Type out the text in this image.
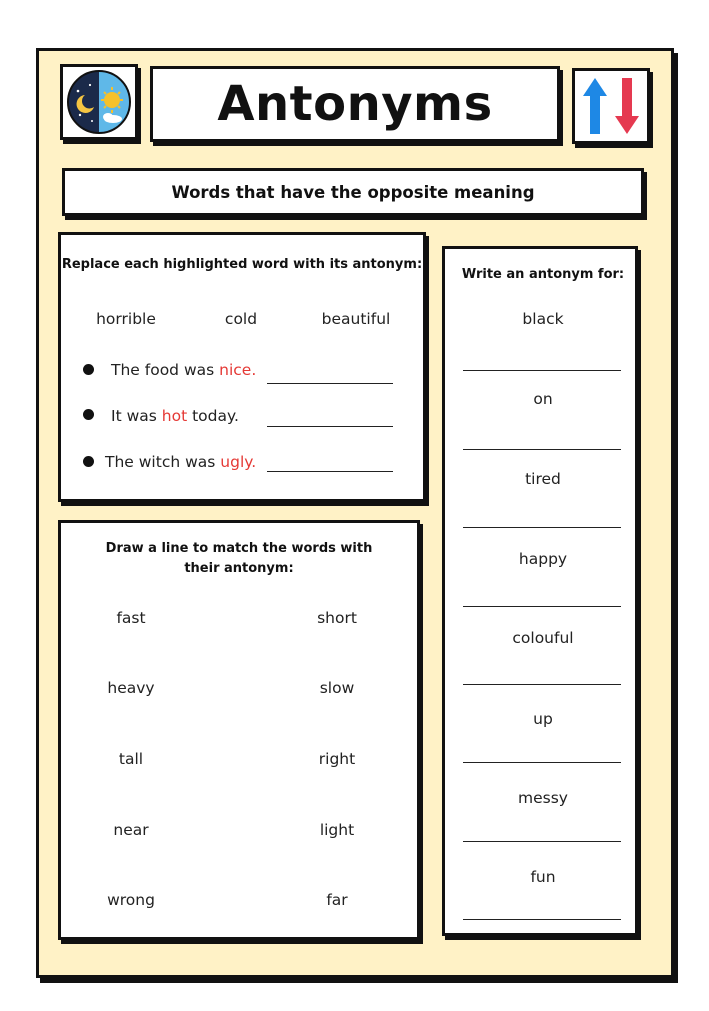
Antonyms
Words that have the opposite meaning
Replace each highlighted word with its antonym:
horrible	cold	beautiful
The food was nice.
It was hot today.
The witch was ugly.
Draw a line to match the words with
their antonym:
fast
heavy
tall
near
wrong
short
slow
right
light
far
Write an antonym for:
black
on
tired
happy
colouful
up
messy
fun
